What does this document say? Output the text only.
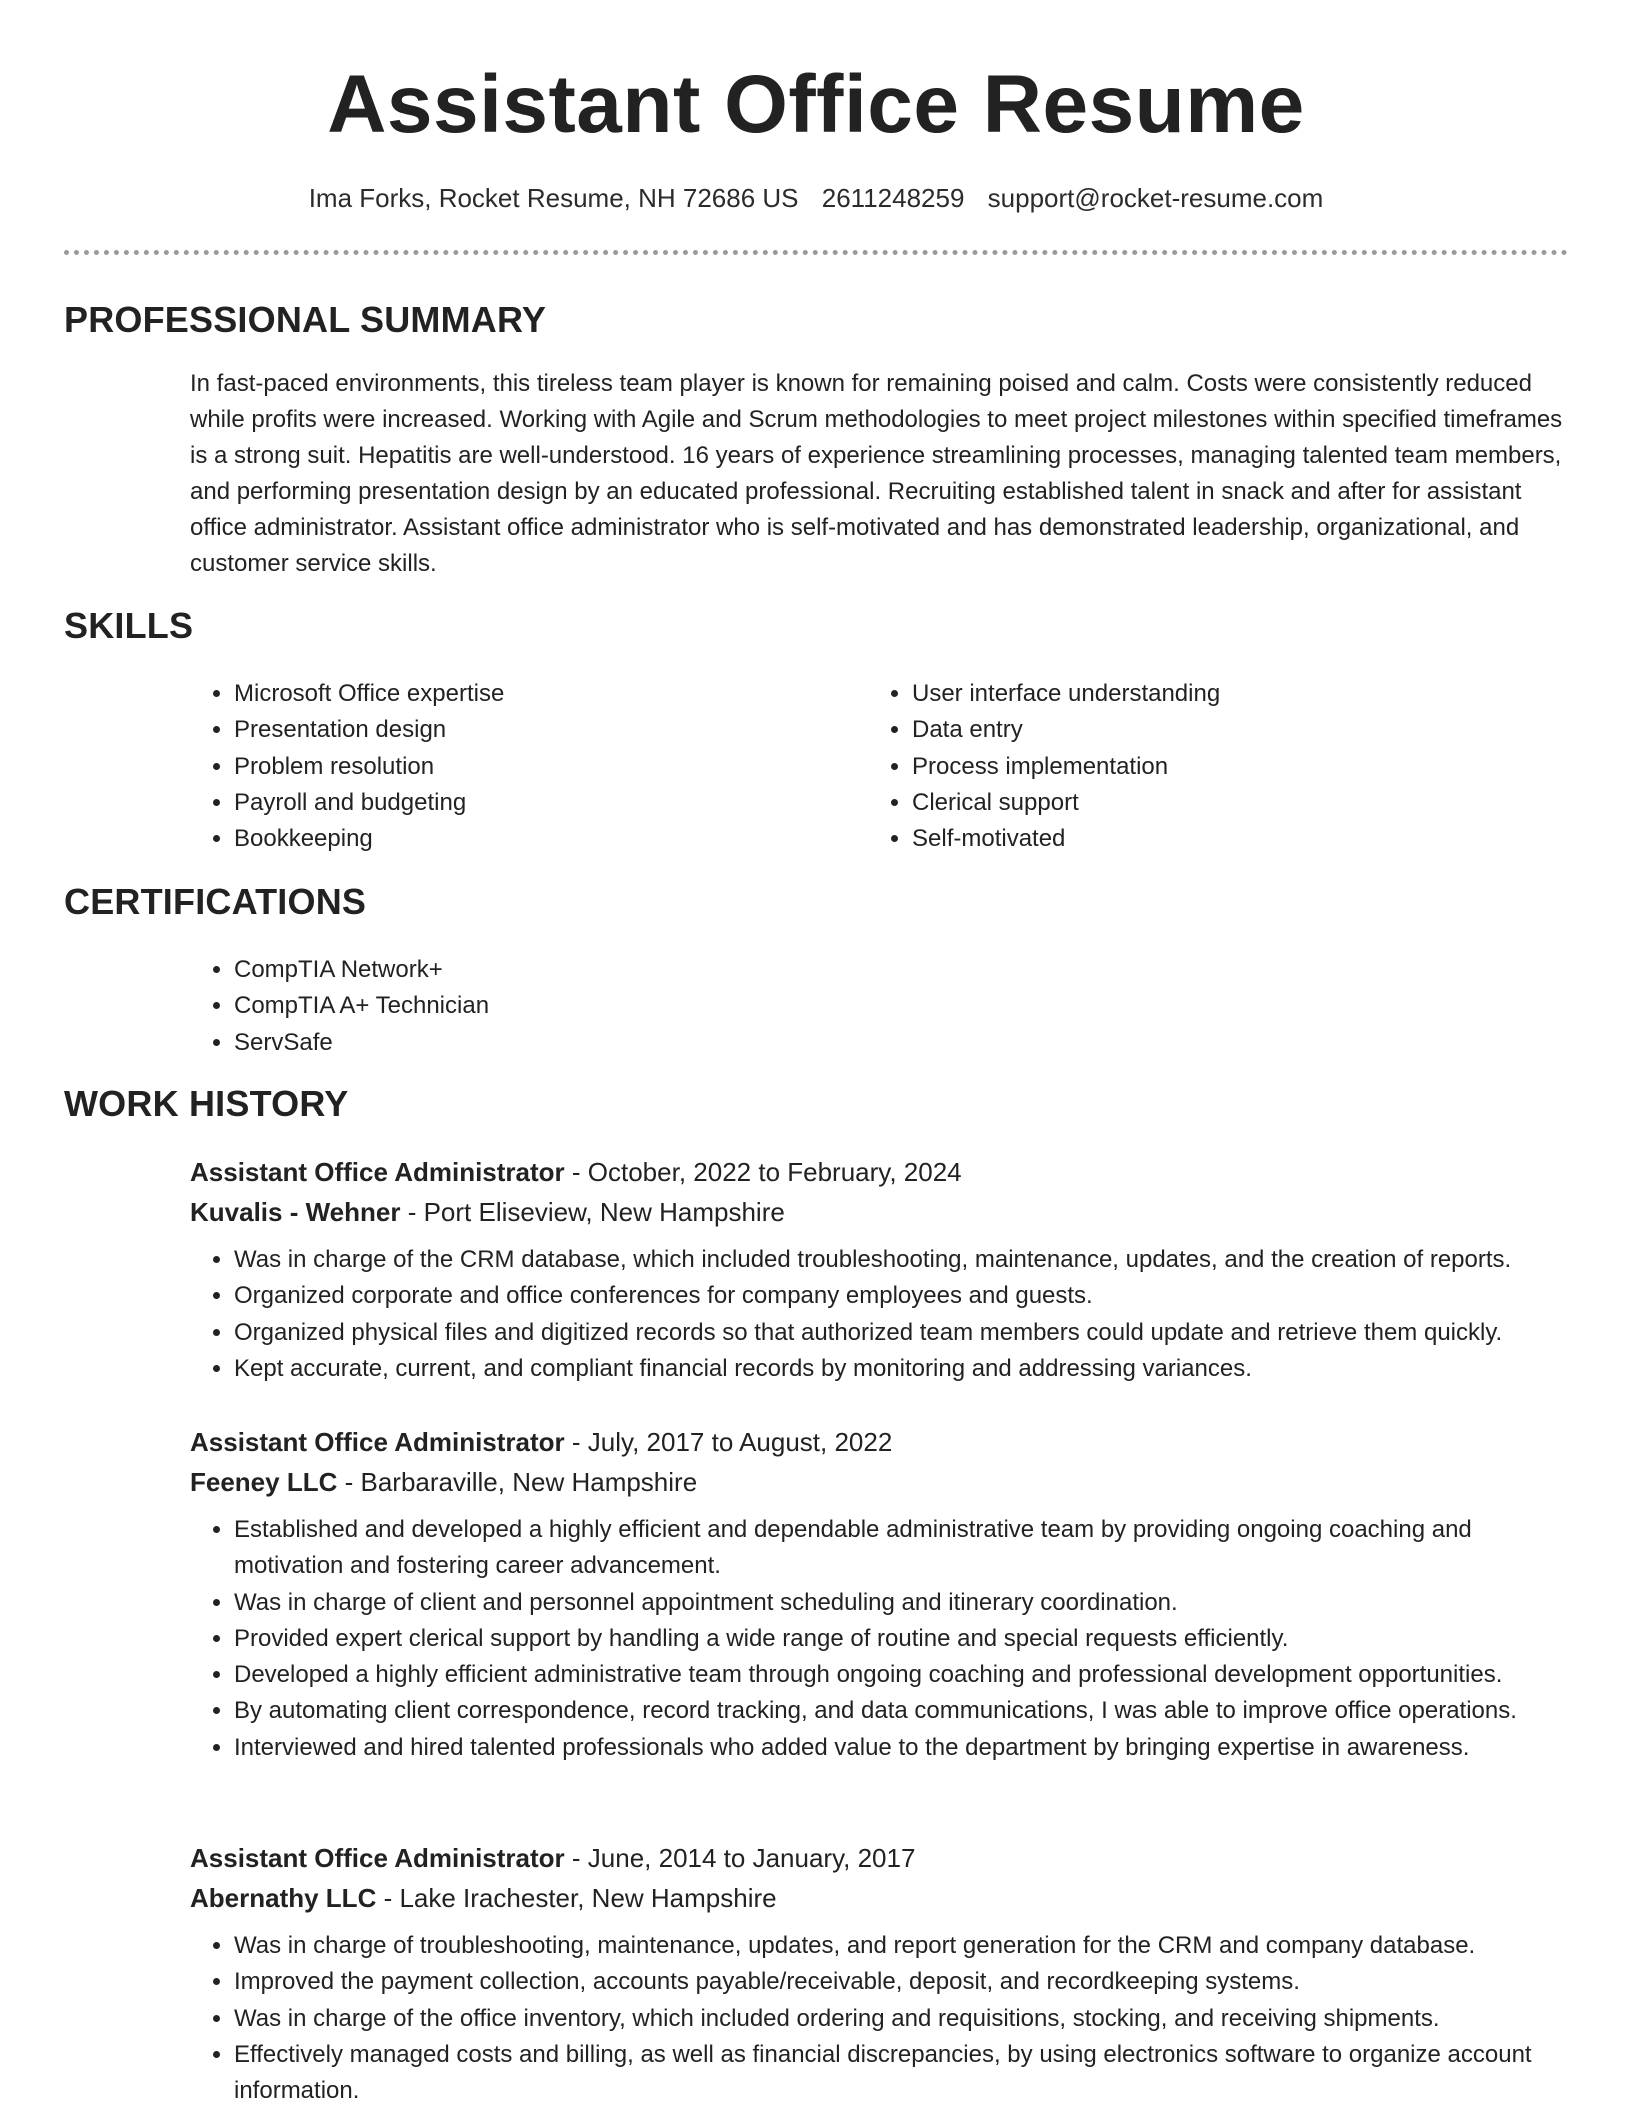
Assistant Office Resume
Ima Forks, Rocket Resume, NH 72686 US 2611248259 support@rocket-resume.com
PROFESSIONAL SUMMARY
In fast-paced environments, this tireless team player is known for remaining poised and calm. Costs were consistently reduced while profits were increased. Working with Agile and Scrum methodologies to meet project milestones within specified timeframes is a strong suit. Hepatitis are well-understood. 16 years of experience streamlining processes, managing talented team members, and performing presentation design by an educated professional. Recruiting established talent in snack and after for assistant office administrator. Assistant office administrator who is self-motivated and has demonstrated leadership, organizational, and customer service skills.
SKILLS
• Microsoft Office expertise
• Presentation design
• Problem resolution
• Payroll and budgeting
• Bookkeeping
• User interface understanding
• Data entry
• Process implementation
• Clerical support
• Self-motivated
CERTIFICATIONS
• CompTIA Network+
• CompTIA A+ Technician
• ServSafe
WORK HISTORY
Assistant Office Administrator - October, 2022 to February, 2024
Kuvalis - Wehner - Port Eliseview, New Hampshire
• Was in charge of the CRM database, which included troubleshooting, maintenance, updates, and the creation of reports.
• Organized corporate and office conferences for company employees and guests.
• Organized physical files and digitized records so that authorized team members could update and retrieve them quickly.
• Kept accurate, current, and compliant financial records by monitoring and addressing variances.
Assistant Office Administrator - July, 2017 to August, 2022
Feeney LLC - Barbaraville, New Hampshire
• Established and developed a highly efficient and dependable administrative team by providing ongoing coaching and motivation and fostering career advancement.
• Was in charge of client and personnel appointment scheduling and itinerary coordination.
• Provided expert clerical support by handling a wide range of routine and special requests efficiently.
• Developed a highly efficient administrative team through ongoing coaching and professional development opportunities.
• By automating client correspondence, record tracking, and data communications, I was able to improve office operations.
• Interviewed and hired talented professionals who added value to the department by bringing expertise in awareness.
Assistant Office Administrator - June, 2014 to January, 2017
Abernathy LLC - Lake Irachester, New Hampshire
• Was in charge of troubleshooting, maintenance, updates, and report generation for the CRM and company database.
• Improved the payment collection, accounts payable/receivable, deposit, and recordkeeping systems.
• Was in charge of the office inventory, which included ordering and requisitions, stocking, and receiving shipments.
• Effectively managed costs and billing, as well as financial discrepancies, by using electronics software to organize account information.
